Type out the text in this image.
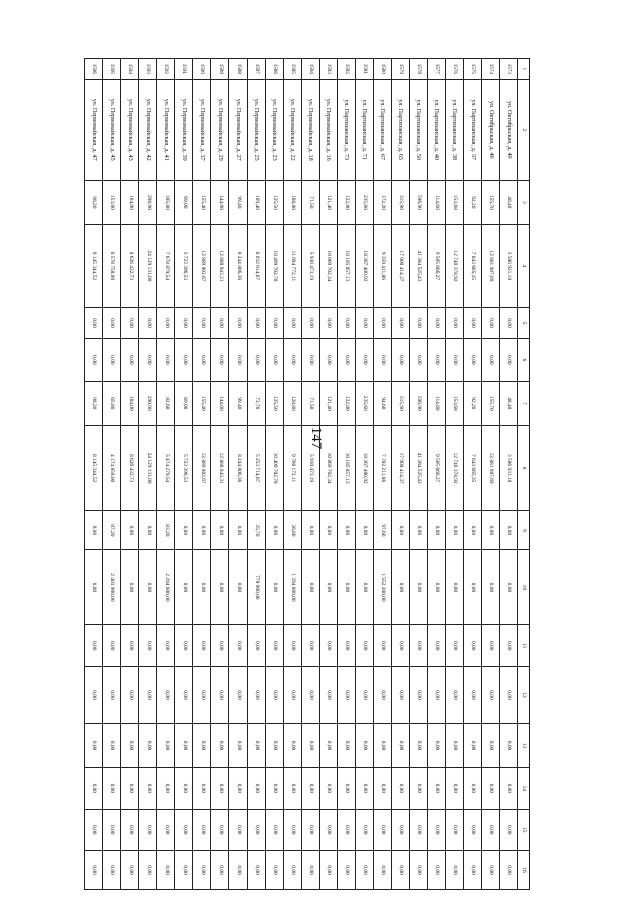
147
1	2	3	4	5	6	7	8	9	10	11	12	13	14	15	16
1573	ул. Октябрьская, д. 40	48,48	3 586 931,18	0,00	0,00	48,48	3 586 931,18	0,00	0,00	0,00	0,00	0,00	0,00	0,00	0,00
1574	ул. Октябрьская, д. 46	155,70	12 881 987,69	0,00	0,00	155,70	12 881 987,69	0,00	0,00	0,00	0,00	0,00	0,00	0,00	0,00
1575	ул. Партизанская, д. 37	92,20	7 643 665,35	0,00	0,00	92,20	7 643 665,35	0,00	0,00	0,00	0,00	0,00	0,00	0,00	0,00
1576	ул. Партизанская, д. 38	153,68	12 740 378,92	0,00	0,00	153,68	12 740 378,92	0,00	0,00	0,00	0,00	0,00	0,00	0,00	0,00
1577	ул. Партизанская, д. 40	114,60	9 505 666,27	0,00	0,00	114,60	9 505 666,27	0,00	0,00	0,00	0,00	0,00	0,00	0,00	0,00
1578	ул. Партизанская, д. 50	596,90	41 384 525,43	0,00	0,00	596,90	41 384 525,43	0,00	0,00	0,00	0,00	0,00	0,00	0,00	0,00
1579	ул. Партизанская, д. 65	315,90	17 908 414,37	0,00	0,00	315,90	17 908 414,37	0,00	0,00	0,00	0,00	0,00	0,00	0,00	0,00
1580	ул. Партизанская, д. 67	172,20	9 359 411,86	0,00	0,00	94,60	7 782 211,86	97,60	1 552 200,00	0,00	0,00	0,00	0,00	0,00	0,00
1581	ул. Партизанская, д. 71	235,60	18 367 400,92	0,00	0,00	235,60	18 367 400,92	0,00	0,00	0,00	0,00	0,00	0,00	0,00	0,00
1582	ул. Партизанская, д. 73	122,80	10 185 857,13	0,00	0,00	122,80	10 185 857,13	0,00	0,00	0,00	0,00	0,00	0,00	0,00	0,00
1583	ул. Первомайская, д. 16	121,40	10 069 702,34	0,00	0,00	121,40	10 069 702,34	0,00	0,00	0,00	0,00	0,00	0,00	0,00	0,00
1584	ул. Первомайская, д. 18	71,50	5 930 473,19	0,00	0,00	71,50	5 930 473,19	0,00	0,00	0,00	0,00	0,00	0,00	0,00	0,00
1585	ул. Первомайская, д. 22	166,80	11 094 772,11	0,00	0,00	128,00	9 700 172,11	38,80	1 394 600,00	0,00	0,00	0,00	0,00	0,00	0,00
1586	ул. Первомайская, д. 23	125,50	10 409 702,78	0,00	0,00	125,50	10 409 702,78	0,00	0,00	0,00	0,00	0,00	0,00	0,00	0,00
1587	ул. Первомайская, д. 25	109,40	6 032 614,67	0,00	0,00	73,70	5 253 714,67	35,70	778 900,00	0,00	0,00	0,00	0,00	0,00	0,00
1588	ул. Первомайская, д. 27	99,40	8 244 806,36	0,00	0,00	99,40	8 244 806,36	0,00	0,00	0,00	0,00	0,00	0,00	0,00	0,00
1589	ул. Первомайская, д. 29	144,00	12 888 943,31	0,00	0,00	144,00	12 888 943,31	0,00	0,00	0,00	0,00	0,00	0,00	0,00	0,00
1590	ул. Первомайская, д. 37	155,40	12 889 802,67	0,00	0,00	155,40	12 889 802,67	0,00	0,00	0,00	0,00	0,00	0,00	0,00	0,00
1591	ул. Первомайская, д. 39	69,00	5 723 396,53	0,00	0,00	69,00	5 723 396,53	0,00	0,00	0,00	0,00	0,00	0,00	0,00	0,00
1592	ул. Первомайская, д. 41	165,80	7 678 879,54	0,00	0,00	82,60	5 474 279,54	83,20	2 204 600,00	0,00	0,00	0,00	0,00	0,00	0,00
1593	ул. Первомайская, д. 42	290,90	24 129 131,08	0,00	0,00	290,90	24 129 131,08	0,00	0,00	0,00	0,00	0,00	0,00	0,00	0,00
1594	ул. Первомайская, д. 43	104,00	8 626 432,73	0,00	0,00	104,00	8 626 432,73	0,00	0,00	0,00	0,00	0,00	0,00	0,00	0,00
1595	ул. Первомайская, д. 45	153,00	6 578 758,00	0,00	0,00	65,80	4 174 858,00	87,20	2 403 900,00	0,00	0,00	0,00	0,00	0,00	0,00
1596	ул. Первомайская, д. 47	98,20	8 145 344,52	0,00	0,00	98,20	8 145 344,52	0,00	0,00	0,00	0,00	0,00	0,00	0,00	0,00
